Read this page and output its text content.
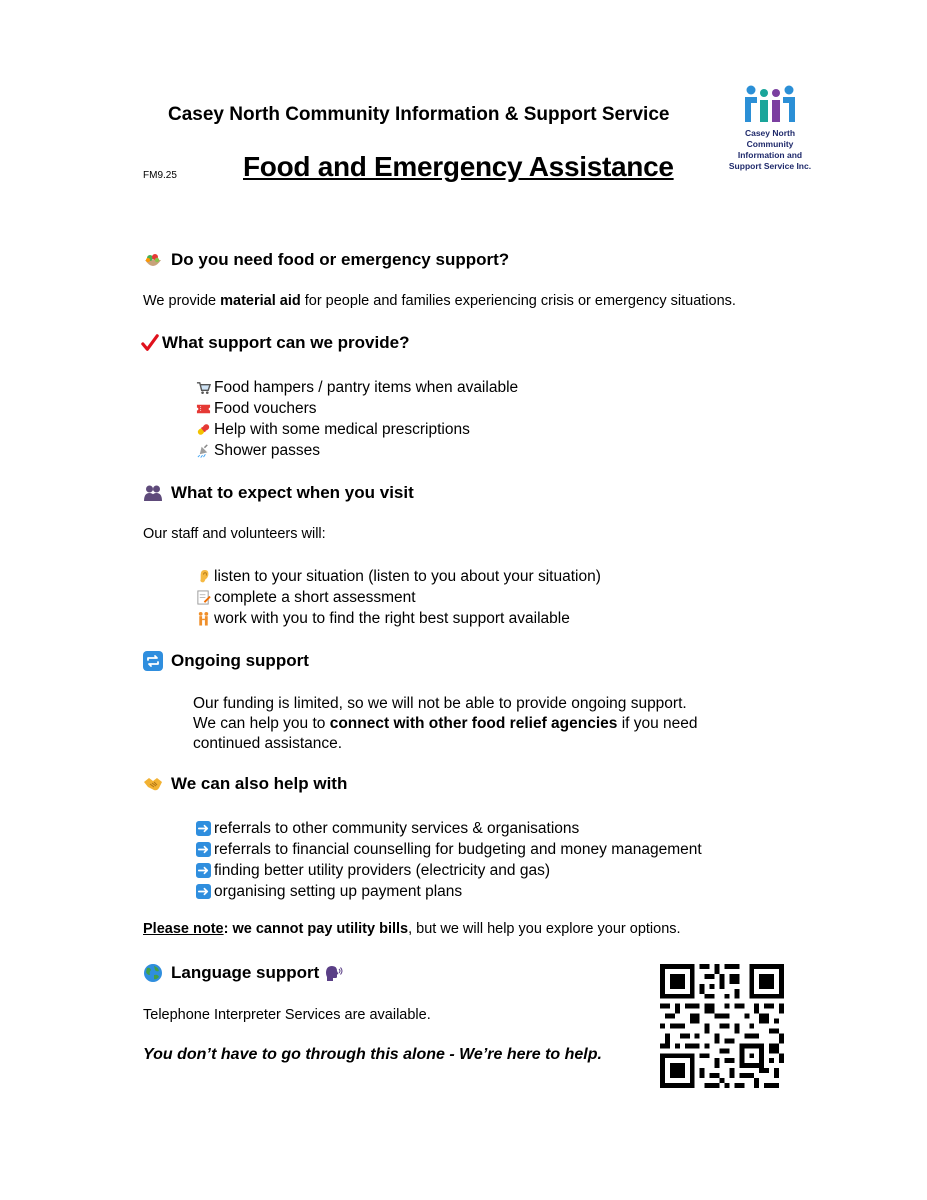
Casey North Community Information & Support Service
FM9.25 Food and Emergency Assistance
Casey North
Community
Information and
Support Service Inc.
Do you need food or emergency support?
We provide material aid for people and families experiencing crisis or emergency situations.
What support can we provide?
Food hampers / pantry items when available
Food vouchers
Help with some medical prescriptions
Shower passes
What to expect when you visit
Our staff and volunteers will:
listen to your situation (listen to you about your situation)
complete a short assessment
work with you to find the right best support available
Ongoing support
Our funding is limited, so we will not be able to provide ongoing support.
We can help you to connect with other food relief agencies if you need
continued assistance.
We can also help with
referrals to other community services & organisations
referrals to financial counselling for budgeting and money management
finding better utility providers (electricity and gas)
organising setting up payment plans
Please note: we cannot pay utility bills, but we will help you explore your options.
Language support
Telephone Interpreter Services are available.
You don’t have to go through this alone - We’re here to help.
